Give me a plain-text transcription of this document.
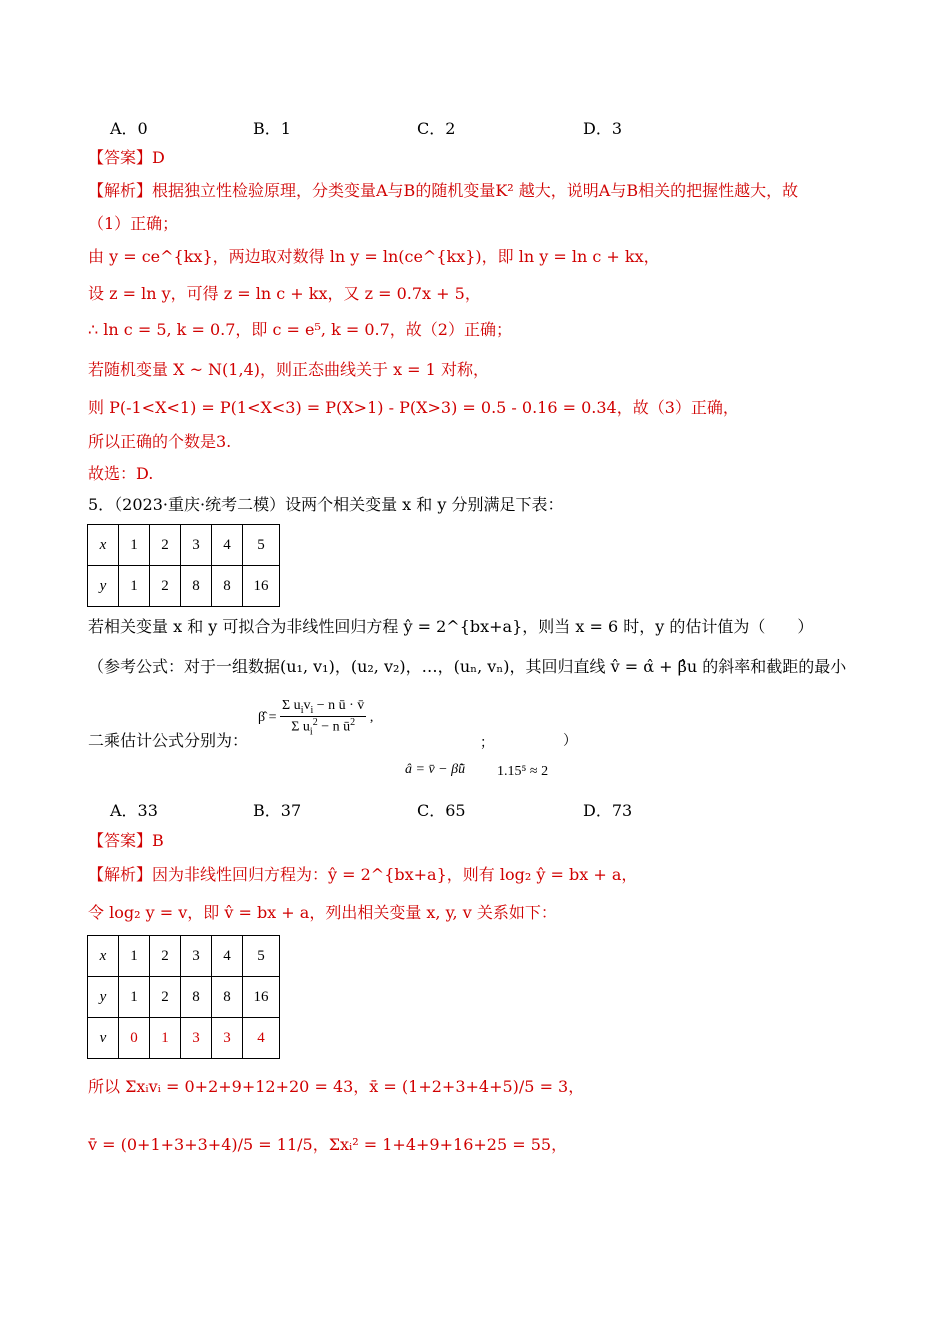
A．0	B．1	C．2	D．3
【答案】D
【解析】根据独立性检验原理，分类变量A与B的随机变量K² 越大，说明A与B相关的把握性越大，故
（1）正确；
由 y = ce^{kx}，两边取对数得 ln y = ln(ce^{kx})，即 ln y = ln c + kx，
设 z = ln y，可得 z = ln c + kx，又 z = 0.7x + 5，
∴ ln c = 5, k = 0.7，即 c = e⁵, k = 0.7，故（2）正确；
若随机变量 X ~ N(1,4)，则正态曲线关于 x = 1 对称，
则 P(-1<X<1) = P(1<X<3) = P(X>1) - P(X>3) = 0.5 - 0.16 = 0.34，故（3）正确，
所以正确的个数是3.
故选：D.
5．（2023·重庆·统考二模）设两个相关变量 x 和 y 分别满足下表：
x	1	2	3	4	5
y	1	2	8	8	16
若相关变量 x 和 y 可拟合为非线性回归方程 ŷ = 2^{bx+a}，则当 x = 6 时，y 的估计值为（　　）
（参考公式：对于一组数据(u₁, v₁)，(u₂, v₂)，…，(uₙ, vₙ)，其回归直线 v̂ = α̂ + β̂u 的斜率和截距的最小
二乘估计公式分别为：
β̂ = $\frac{\Sigma u_iv_i - n ū \cdot v̄}{\Sigma u_i^2 - n ū^2}$ ,
；	）
â = v̄ − β̂ū 1.15⁵ ≈ 2
A．33	B．37	C．65	D．73
【答案】B
【解析】因为非线性回归方程为：ŷ = 2^{bx+a}，则有 log₂ ŷ = bx + a，
令 log₂ y = v，即 v̂ = bx + a，列出相关变量 x, y, v 关系如下：
x	1	2	3	4	5
y	1	2	8	8	16
v	0	1	3	3	4
所以 Σxᵢvᵢ = 0+2+9+12+20 = 43，x̄ = (1+2+3+4+5)/5 = 3，
v̄ = (0+1+3+3+4)/5 = 11/5，Σxᵢ² = 1+4+9+16+25 = 55，
